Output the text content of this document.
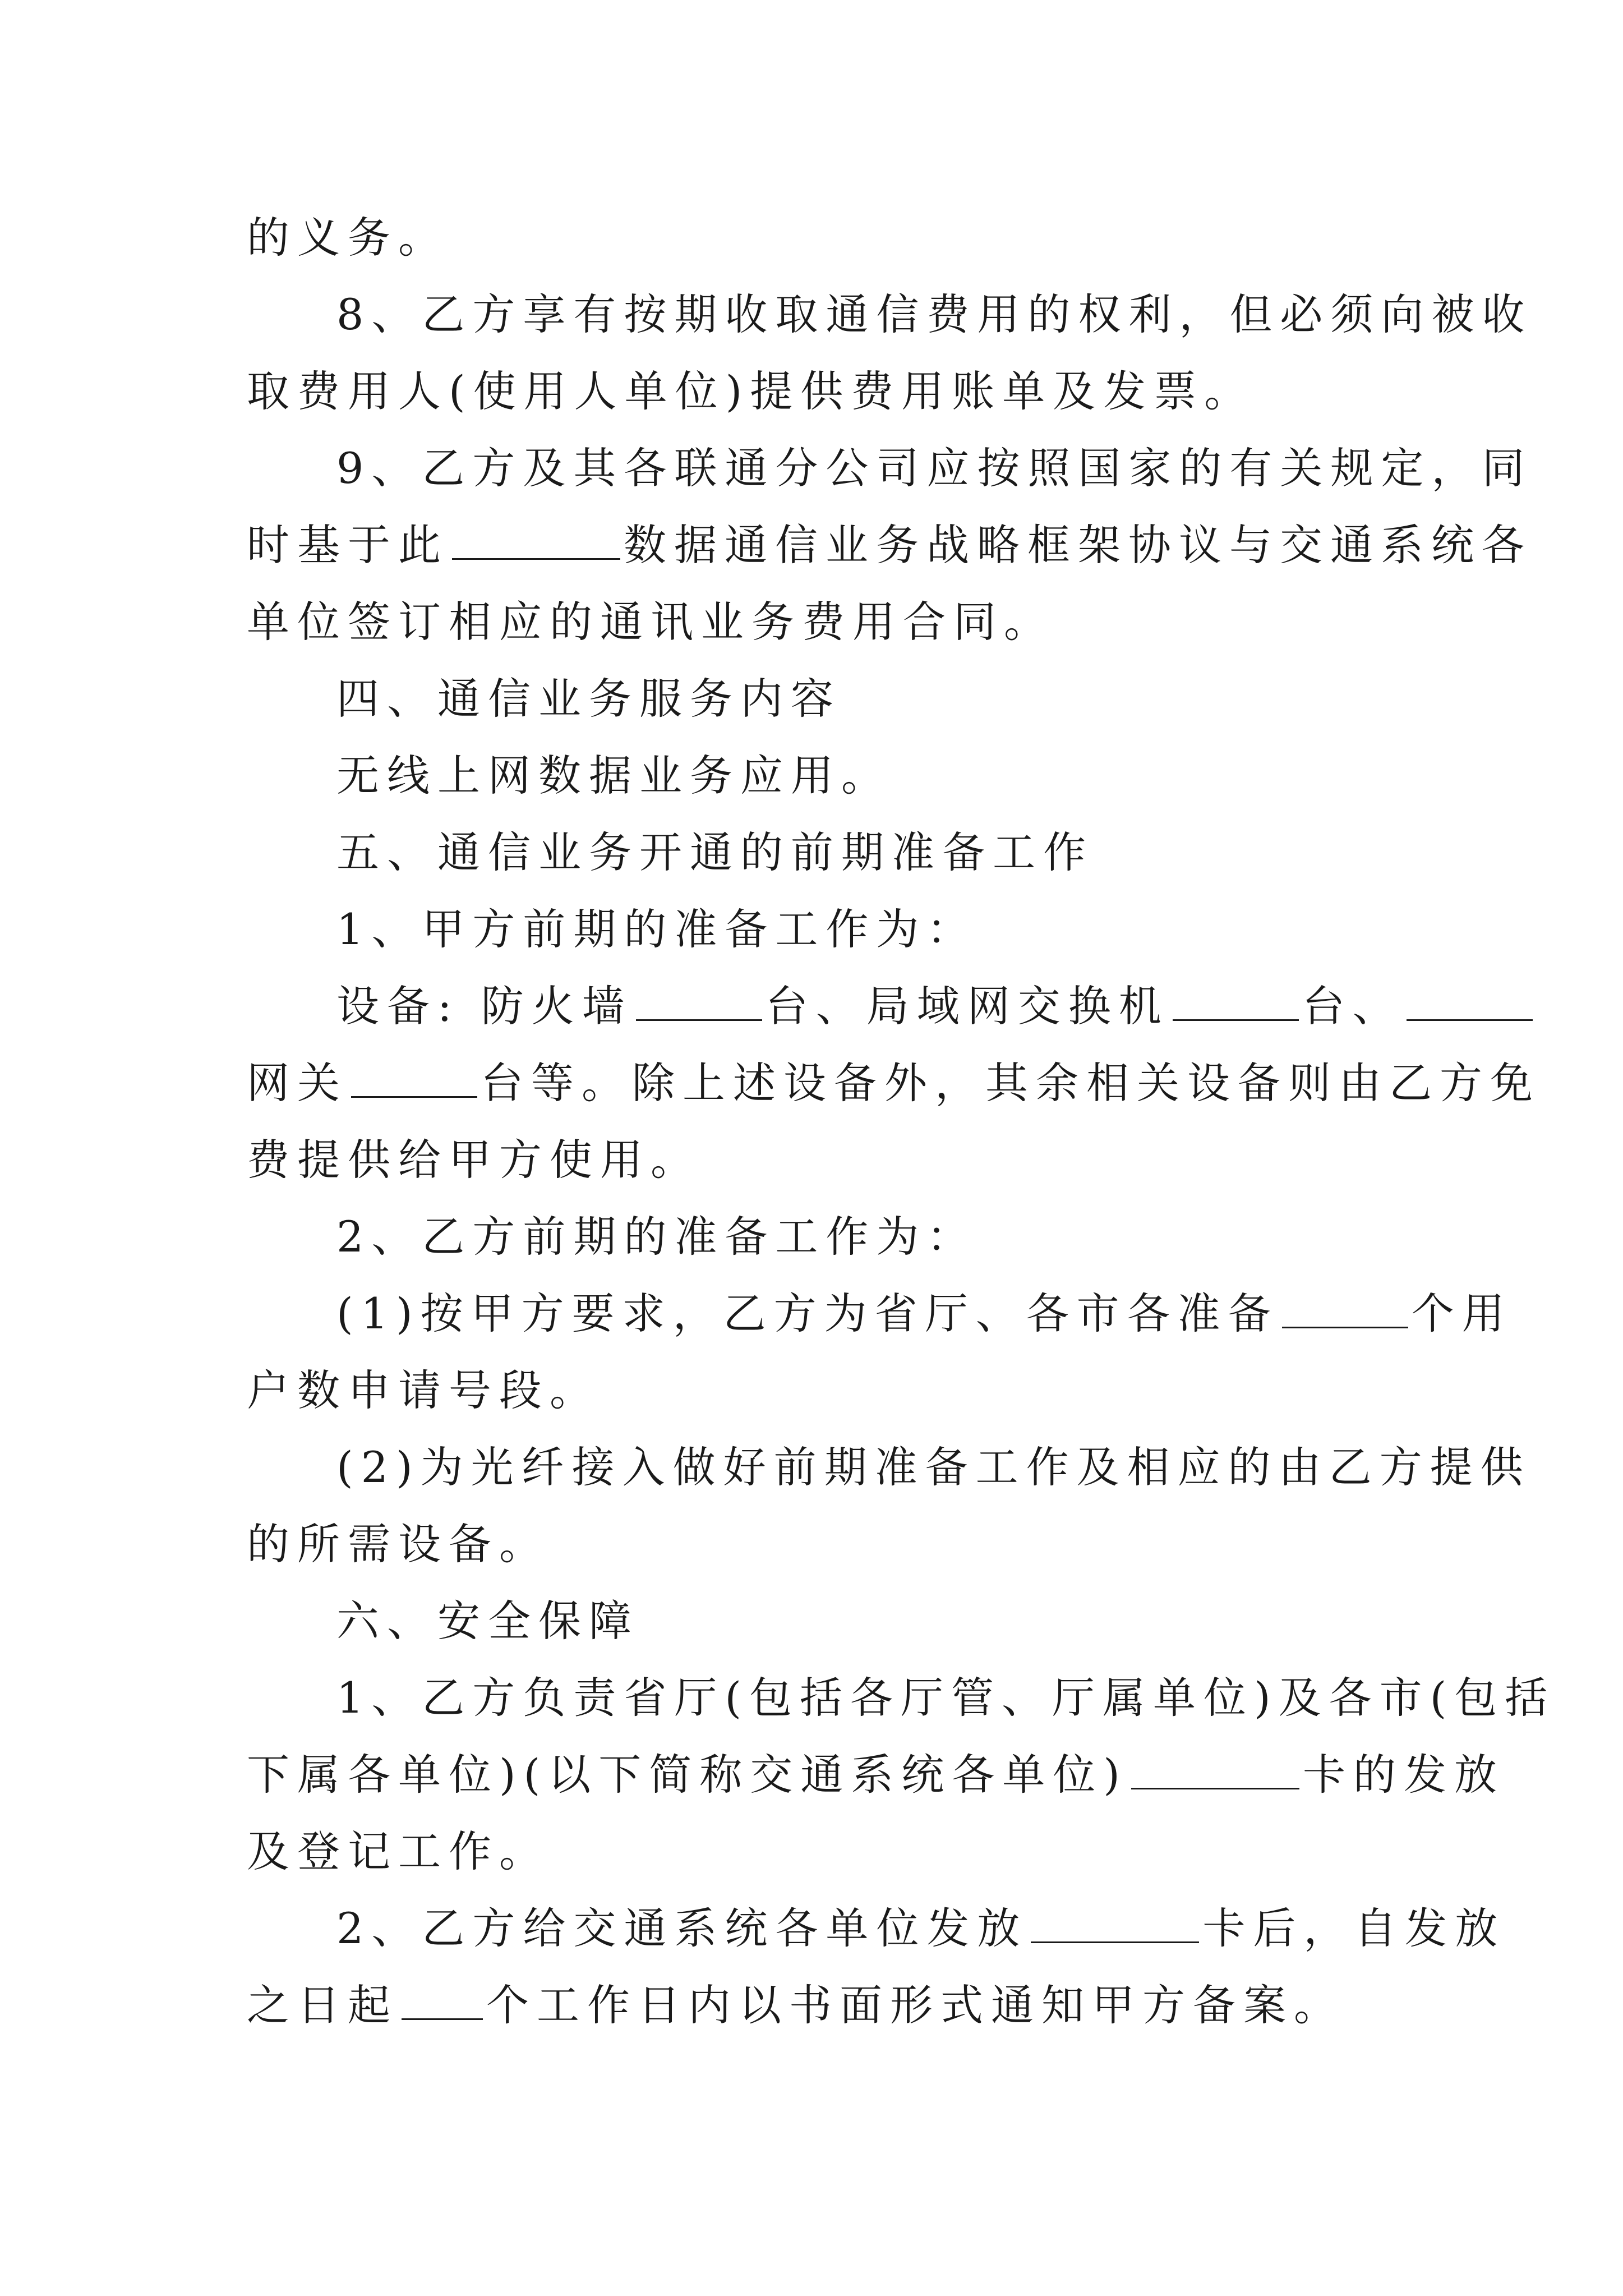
的义务。
8、乙方享有按期收取通信费用的权利，但必须向被收
取费用人(使用人单位)提供费用账单及发票。
9、乙方及其各联通分公司应按照国家的有关规定，同
时基于此	数据通信业务战略框架协议与交通系统各
单位签订相应的通讯业务费用合同。
四、通信业务服务内容
无线上网数据业务应用。
五、通信业务开通的前期准备工作
1、甲方前期的准备工作为：
设备: 防火墙	台、局域网交换机	台、
网关	台等。除上述设备外，其余相关设备则由乙方免
费提供给甲方使用。
2、乙方前期的准备工作为：
(1)按甲方要求，乙方为省厅、各市各准备	个用
户数申请号段。
(2)为光纤接入做好前期准备工作及相应的由乙方提供
的所需设备。
六、安全保障
1、乙方负责省厅(包括各厅管、厅属单位)及各市(包括
下属各单位)(以下简称交通系统各单位)	卡的发放
及登记工作。
2、乙方给交通系统各单位发放	卡后，自发放
之日起 个工作日内以书面形式通知甲方备案。
